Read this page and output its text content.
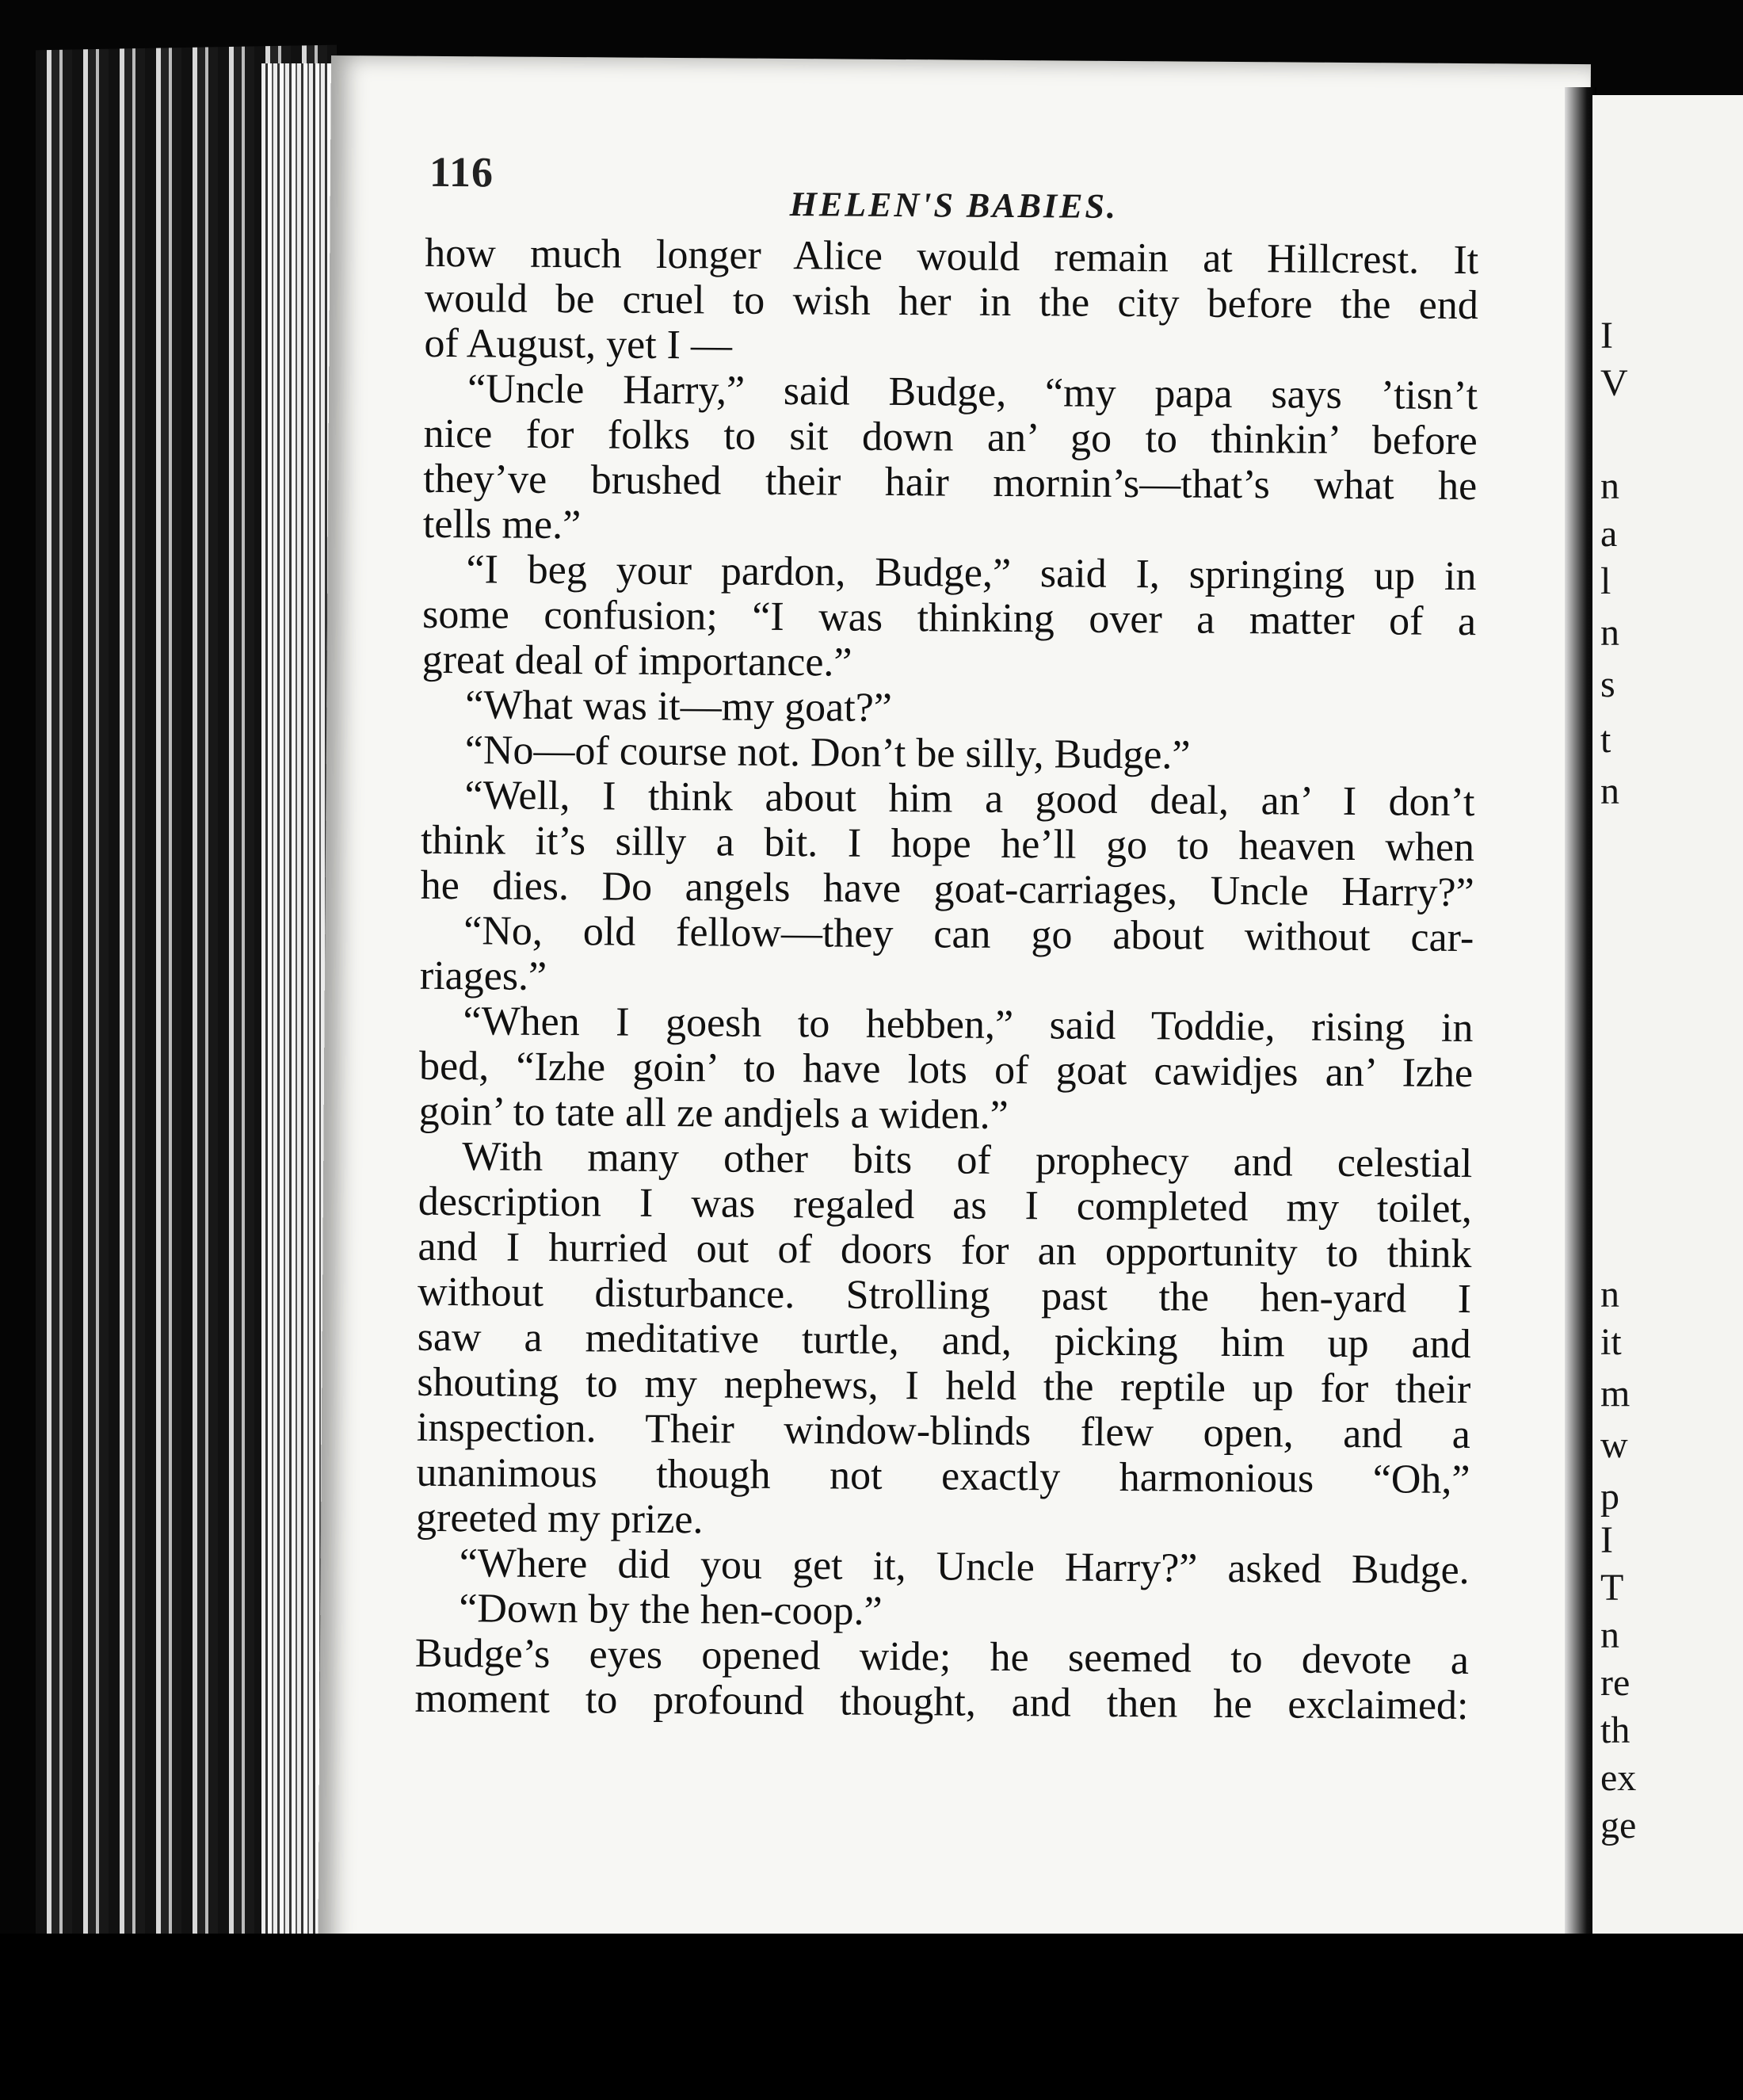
116
HELEN'S BABIES.
how much longer Alice would remain at Hillcrest. It
would be cruel to wish her in the city before the end
of August, yet I —
“Uncle Harry,” said Budge, “my papa says ’tisn’t
nice for folks to sit down an’ go to thinkin’ before
they’ve brushed their hair mornin’s—that’s what he
tells me.”
“I beg your pardon, Budge,” said I, springing up in
some confusion; “I was thinking over a matter of a
great deal of importance.”
“What was it—my goat?”
“No—of course not. Don’t be silly, Budge.”
“Well, I think about him a good deal, an’ I don’t
think it’s silly a bit. I hope he’ll go to heaven when
he dies. Do angels have goat-carriages, Uncle Harry?”
“No, old fellow—they can go about without car-
riages.”
“When I goesh to hebben,” said Toddie, rising in
bed, “Izhe goin’ to have lots of goat cawidjes an’ Izhe
goin’ to tate all ze andjels a widen.”
With many other bits of prophecy and celestial
description I was regaled as I completed my toilet,
and I hurried out of doors for an opportunity to think
without disturbance. Strolling past the hen-yard I
saw a meditative turtle, and, picking him up and
shouting to my nephews, I held the reptile up for their
inspection. Their window-blinds flew open, and a
unanimous though not exactly harmonious “Oh,”
greeted my prize.
“Where did you get it, Uncle Harry?” asked Budge.
“Down by the hen-coop.”
Budge’s eyes opened wide; he seemed to devote a
moment to profound thought, and then he exclaimed:
I
V
n
a
l
n
s
t
n
n
it
m
w
p
I
T
n
re
th
ex
ge
